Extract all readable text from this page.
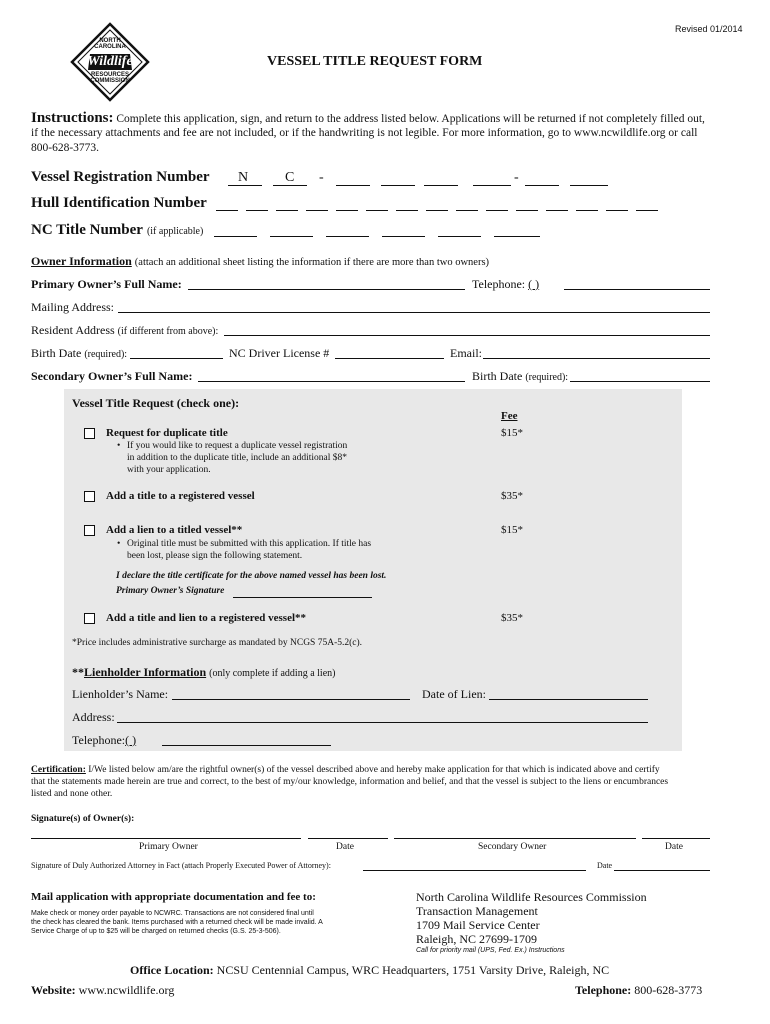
Revised 01/2014
NORTH
CAROLINA
Wildlife
RESOURCES
COMMISSION
VESSEL TITLE REQUEST FORM
Instructions: Complete this application, sign, and return to the address listed below. Applications will be returned if not completely filled out,
if the necessary attachments and fee are not included, or if the handwriting is not legible. For more information, go to www.ncwildlife.org or call
800-628-3773.
Vessel Registration Number N	C -	-
Hull Identification Number
NC Title Number (if applicable)
Owner Information (attach an additional sheet listing the information if there are more than two owners)
Primary Owner’s Full Name:	Telephone: ( )
Mailing Address:
Resident Address (if different from above):
Birth Date (required):	NC Driver License #	Email:
Secondary Owner’s Full Name:	Birth Date (required):
Vessel Title Request (check one):
Fee
Request for duplicate title	$15*
• If you would like to request a duplicate vessel registration
in addition to the duplicate title, include an additional $8*
with your application.
Add a title to a registered vessel	$35*
Add a lien to a titled vessel**	$15*
• Original title must be submitted with this application. If title has
been lost, please sign the following statement.
I declare the title certificate for the above named vessel has been lost.
Primary Owner’s Signature
Add a title and lien to a registered vessel**	$35*
*Price includes administrative surcharge as mandated by NCGS 75A-5.2(c).
**Lienholder Information (only complete if adding a lien)
Lienholder’s Name:	Date of Lien:
Address:
Telephone:( )
Certification: I/We listed below am/are the rightful owner(s) of the vessel described above and hereby make application for that which is indicated above and certify
that the statements made herein are true and correct, to the best of my/our knowledge, information and belief, and that the vessel is subject to the liens or encumbrances
listed and none other.
Signature(s) of Owner(s):
Primary Owner	Date	Secondary Owner	Date
Signature of Duly Authorized Attorney in Fact (attach Properly Executed Power of Attorney):	Date
Mail application with appropriate documentation and fee to:
Make check or money order payable to NCWRC. Transactions are not considered final until
the check has cleared the bank. Items purchased with a returned check will be made invalid. A
Service Charge of up to $25 will be charged on returned checks (G.S. 25-3-506).
North Carolina Wildlife Resources Commission
Transaction Management
1709 Mail Service Center
Raleigh, NC 27699-1709
Call for priority mail (UPS, Fed. Ex.) Instructions
Office Location: NCSU Centennial Campus, WRC Headquarters, 1751 Varsity Drive, Raleigh, NC
Website: www.ncwildlife.org	Telephone: 800-628-3773
